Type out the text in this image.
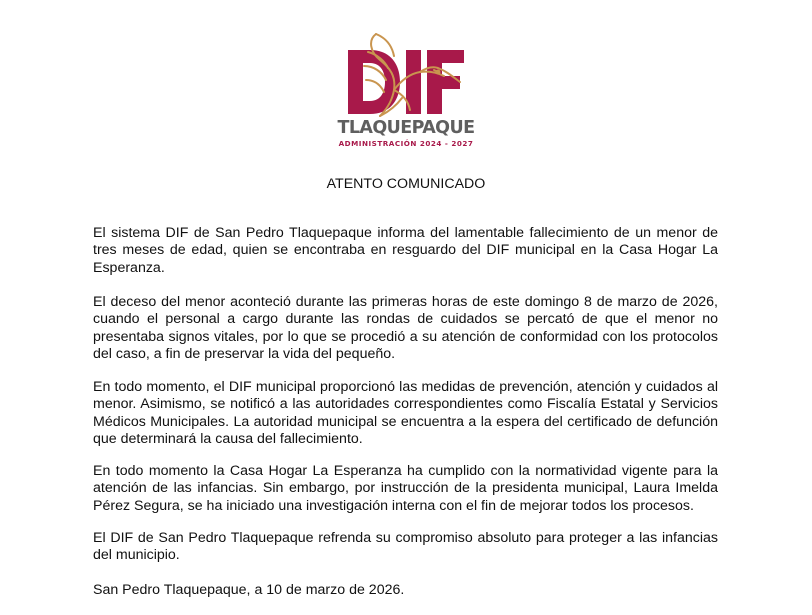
TLAQUEPAQUE
ADMINISTRACIÓN 2024 - 2027
ATENTO COMUNICADO

El sistema DIF de San Pedro Tlaquepaque informa del lamentable fallecimiento de un menor de tres meses de edad, quien se encontraba en resguardo del DIF municipal en la Casa Hogar La Esperanza.

El deceso del menor aconteció durante las primeras horas de este domingo 8 de marzo de 2026, cuando el personal a cargo durante las rondas de cuidados se percató de que el menor no presentaba signos vitales, por lo que se procedió a su atención de conformidad con los protocolos del caso, a fin de preservar la vida del pequeño.

En todo momento, el DIF municipal proporcionó las medidas de prevención, atención y cuidados al menor. Asimismo, se notificó a las autoridades correspondientes como Fiscalía Estatal y Servicios Médicos Municipales. La autoridad municipal se encuentra a la espera del certificado de defunción que determinará la causa del fallecimiento.

En todo momento la Casa Hogar La Esperanza ha cumplido con la normatividad vigente para la atención de las infancias. Sin embargo, por instrucción de la presidenta municipal, Laura Imelda Pérez Segura, se ha iniciado una investigación interna con el fin de mejorar todos los procesos.

El DIF de San Pedro Tlaquepaque refrenda su compromiso absoluto para proteger a las infancias del municipio.

San Pedro Tlaquepaque, a 10 de marzo de 2026.
